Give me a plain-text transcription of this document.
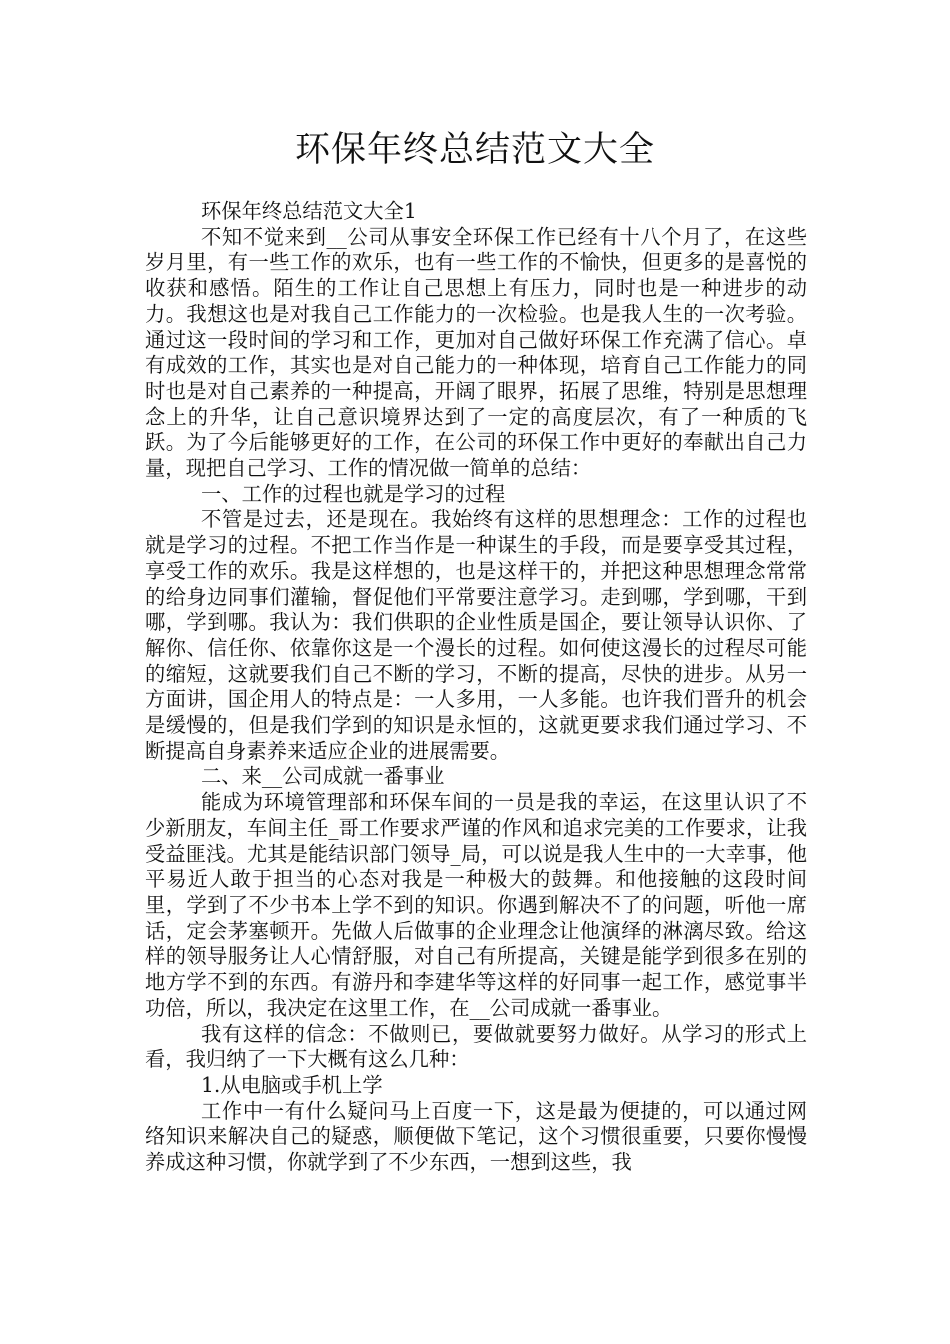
环保年终总结范文大全

环保年终总结范文大全1

不知不觉来到__公司从事安全环保工作已经有十八个月了，在这些岁月里，有一些工作的欢乐，也有一些工作的不愉快，但更多的是喜悦的收获和感悟。陌生的工作让自己思想上有压力，同时也是一种进步的动力。我想这也是对我自己工作能力的一次检验。也是我人生的一次考验。通过这一段时间的学习和工作，更加对自己做好环保工作充满了信心。卓有成效的工作，其实也是对自己能力的一种体现，培育自己工作能力的同时也是对自己素养的一种提高，开阔了眼界，拓展了思维，特别是思想理念上的升华，让自己意识境界达到了一定的高度层次，有了一种质的飞跃。为了今后能够更好的工作，在公司的环保工作中更好的奉献出自己力量，现把自己学习、工作的情况做一简单的总结：

一、工作的过程也就是学习的过程

不管是过去，还是现在。我始终有这样的思想理念：工作的过程也就是学习的过程。不把工作当作是一种谋生的手段，而是要享受其过程，享受工作的欢乐。我是这样想的，也是这样干的，并把这种思想理念常常的给身边同事们灌输，督促他们平常要注意学习。走到哪，学到哪，干到哪，学到哪。我认为：我们供职的企业性质是国企，要让领导认识你、了解你、信任你、依靠你这是一个漫长的过程。如何使这漫长的过程尽可能的缩短，这就要我们自己不断的学习，不断的提高，尽快的进步。从另一方面讲，国企用人的特点是：一人多用，一人多能。也许我们晋升的机会是缓慢的，但是我们学到的知识是永恒的，这就更要求我们通过学习、不断提高自身素养来适应企业的进展需要。

二、来__公司成就一番事业

能成为环境管理部和环保车间的一员是我的幸运，在这里认识了不少新朋友，车间主任_哥工作要求严谨的作风和追求完美的工作要求，让我受益匪浅。尤其是能结识部门领导_局，可以说是我人生中的一大幸事，他平易近人敢于担当的心态对我是一种极大的鼓舞。和他接触的这段时间里，学到了不少书本上学不到的知识。你遇到解决不了的问题，听他一席话，定会茅塞顿开。先做人后做事的企业理念让他演绎的淋漓尽致。给这样的领导服务让人心情舒服，对自己有所提高，关键是能学到很多在别的地方学不到的东西。有游丹和李建华等这样的好同事一起工作，感觉事半功倍，所以，我决定在这里工作，在__公司成就一番事业。

我有这样的信念：不做则已，要做就要努力做好。从学习的形式上看，我归纳了一下大概有这么几种：

1.从电脑或手机上学

工作中一有什么疑问马上百度一下，这是最为便捷的，可以通过网络知识来解决自己的疑惑，顺便做下笔记，这个习惯很重要，只要你慢慢养成这种习惯，你就学到了不少东西，一想到这些，我
